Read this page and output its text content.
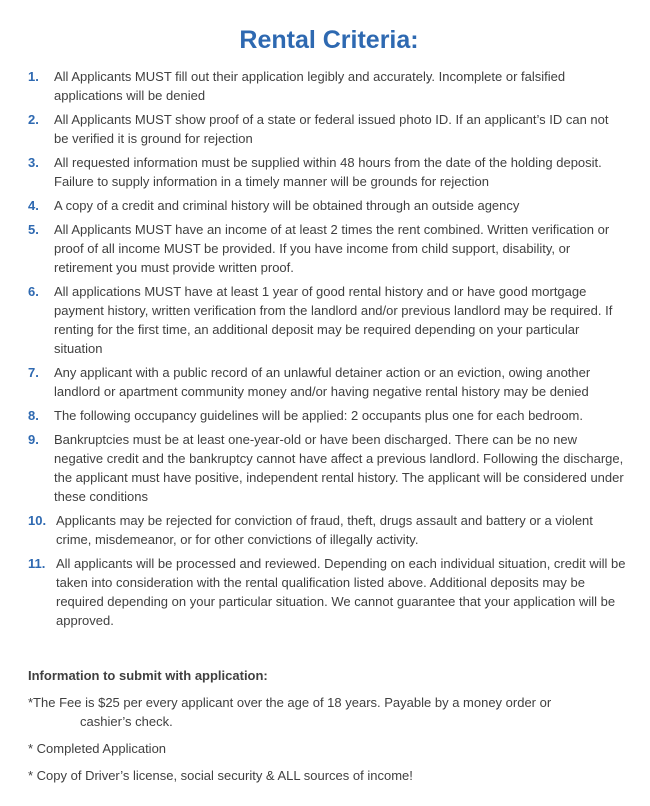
Rental Criteria:
1.	All Applicants MUST fill out their application legibly and accurately. Incomplete or falsified applications will be denied
2.	All Applicants MUST show proof of a state or federal issued photo ID. If an applicant’s ID can not be verified it is ground for rejection
3.	All requested information must be supplied within 48 hours from the date of the holding deposit. Failure to supply information in a timely manner will be grounds for rejection
4.	A copy of a credit and criminal history will be obtained through an outside agency
5.	All Applicants MUST have an income of at least 2 times the rent combined. Written verification or proof of all income MUST be provided. If you have income from child support, disability, or retirement you must provide written proof.
6.	All applications MUST have at least 1 year of good rental history and or have good mortgage payment history, written verification from the landlord and/or previous landlord may be required. If renting for the first time, an additional deposit may be required depending on your particular situation
7.	Any applicant with a public record of an unlawful detainer action or an eviction, owing another landlord or apartment community money and/or having negative rental history may be denied
8.	The following occupancy guidelines will be applied: 2 occupants plus one for each bedroom.
9.	Bankruptcies must be at least one-year-old or have been discharged. There can be no new negative credit and the bankruptcy cannot have affect a previous landlord. Following the discharge, the applicant must have positive, independent rental history. The applicant will be considered under these conditions
10. Applicants may be rejected for conviction of fraud, theft, drugs assault and battery or a violent crime, misdemeanor, or for other convictions of illegally activity.
11. All applicants will be processed and reviewed. Depending on each individual situation, credit will be taken into consideration with the rental qualification listed above. Additional deposits may be required depending on your particular situation. We cannot guarantee that your application will be approved.
Information to submit with application:
*The Fee is $25 per every applicant over the age of 18 years. Payable by a money order or cashier’s check.
* Completed Application
* Copy of Driver’s license, social security & ALL sources of income!
